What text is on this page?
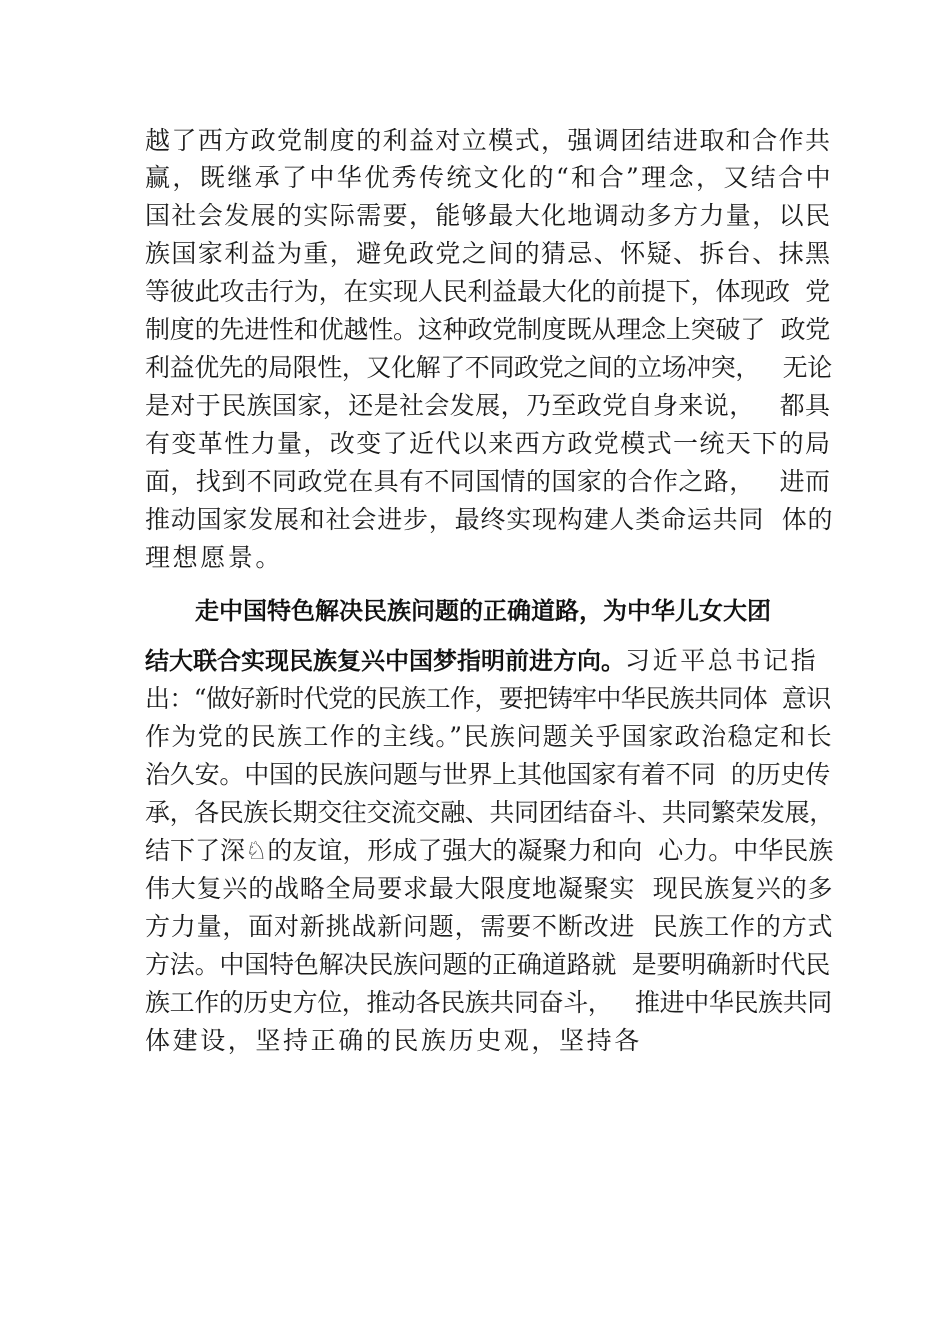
越了西方政党制度的利益对立模式，强调团结进取和合作共
赢，既继承了中华优秀传统文化的“和合”理念，又结合中
国社会发展的实际需要，能够最大化地调动多方力量，以民
族国家利益为重，避免政党之间的猜忌、怀疑、拆台、抹黑
等彼此攻击行为，在实现人民利益最大化的前提下，体现政  党
制度的先进性和优越性。这种政党制度既从理念上突破了  政党
利益优先的局限性，又化解了不同政党之间的立场冲突，   无论
是对于民族国家，还是社会发展，乃至政党自身来说，   都具
有变革性力量，改变了近代以来西方政党模式一统天下的局
面，找到不同政党在具有不同国情的国家的合作之路，   进而
推动国家发展和社会进步，最终实现构建人类命运共同  体的
理想愿景。
走中国特色解决民族问题的正确道路，为中华儿女大团
结大联合实现民族复兴中国梦指明前进方向。习近平总书记指
出：“做好新时代党的民族工作，要把铸牢中华民族共同体  意识
作为党的民族工作的主线。”民族问题关乎国家政治稳定和长
治久安。中国的民族问题与世界上其他国家有着不同  的历史传
承，各民族长期交往交流交融、共同团结奋斗、共同繁荣发展，
结下了深♘的友谊，形成了强大的凝聚力和向  心力。中华民族
伟大复兴的战略全局要求最大限度地凝聚实  现民族复兴的多
方力量，面对新挑战新问题，需要不断改进  民族工作的方式
方法。中国特色解决民族问题的正确道路就  是要明确新时代民
族工作的历史方位，推动各民族共同奋斗，   推进中华民族共同
体建设，坚持正确的民族历史观，坚持各
